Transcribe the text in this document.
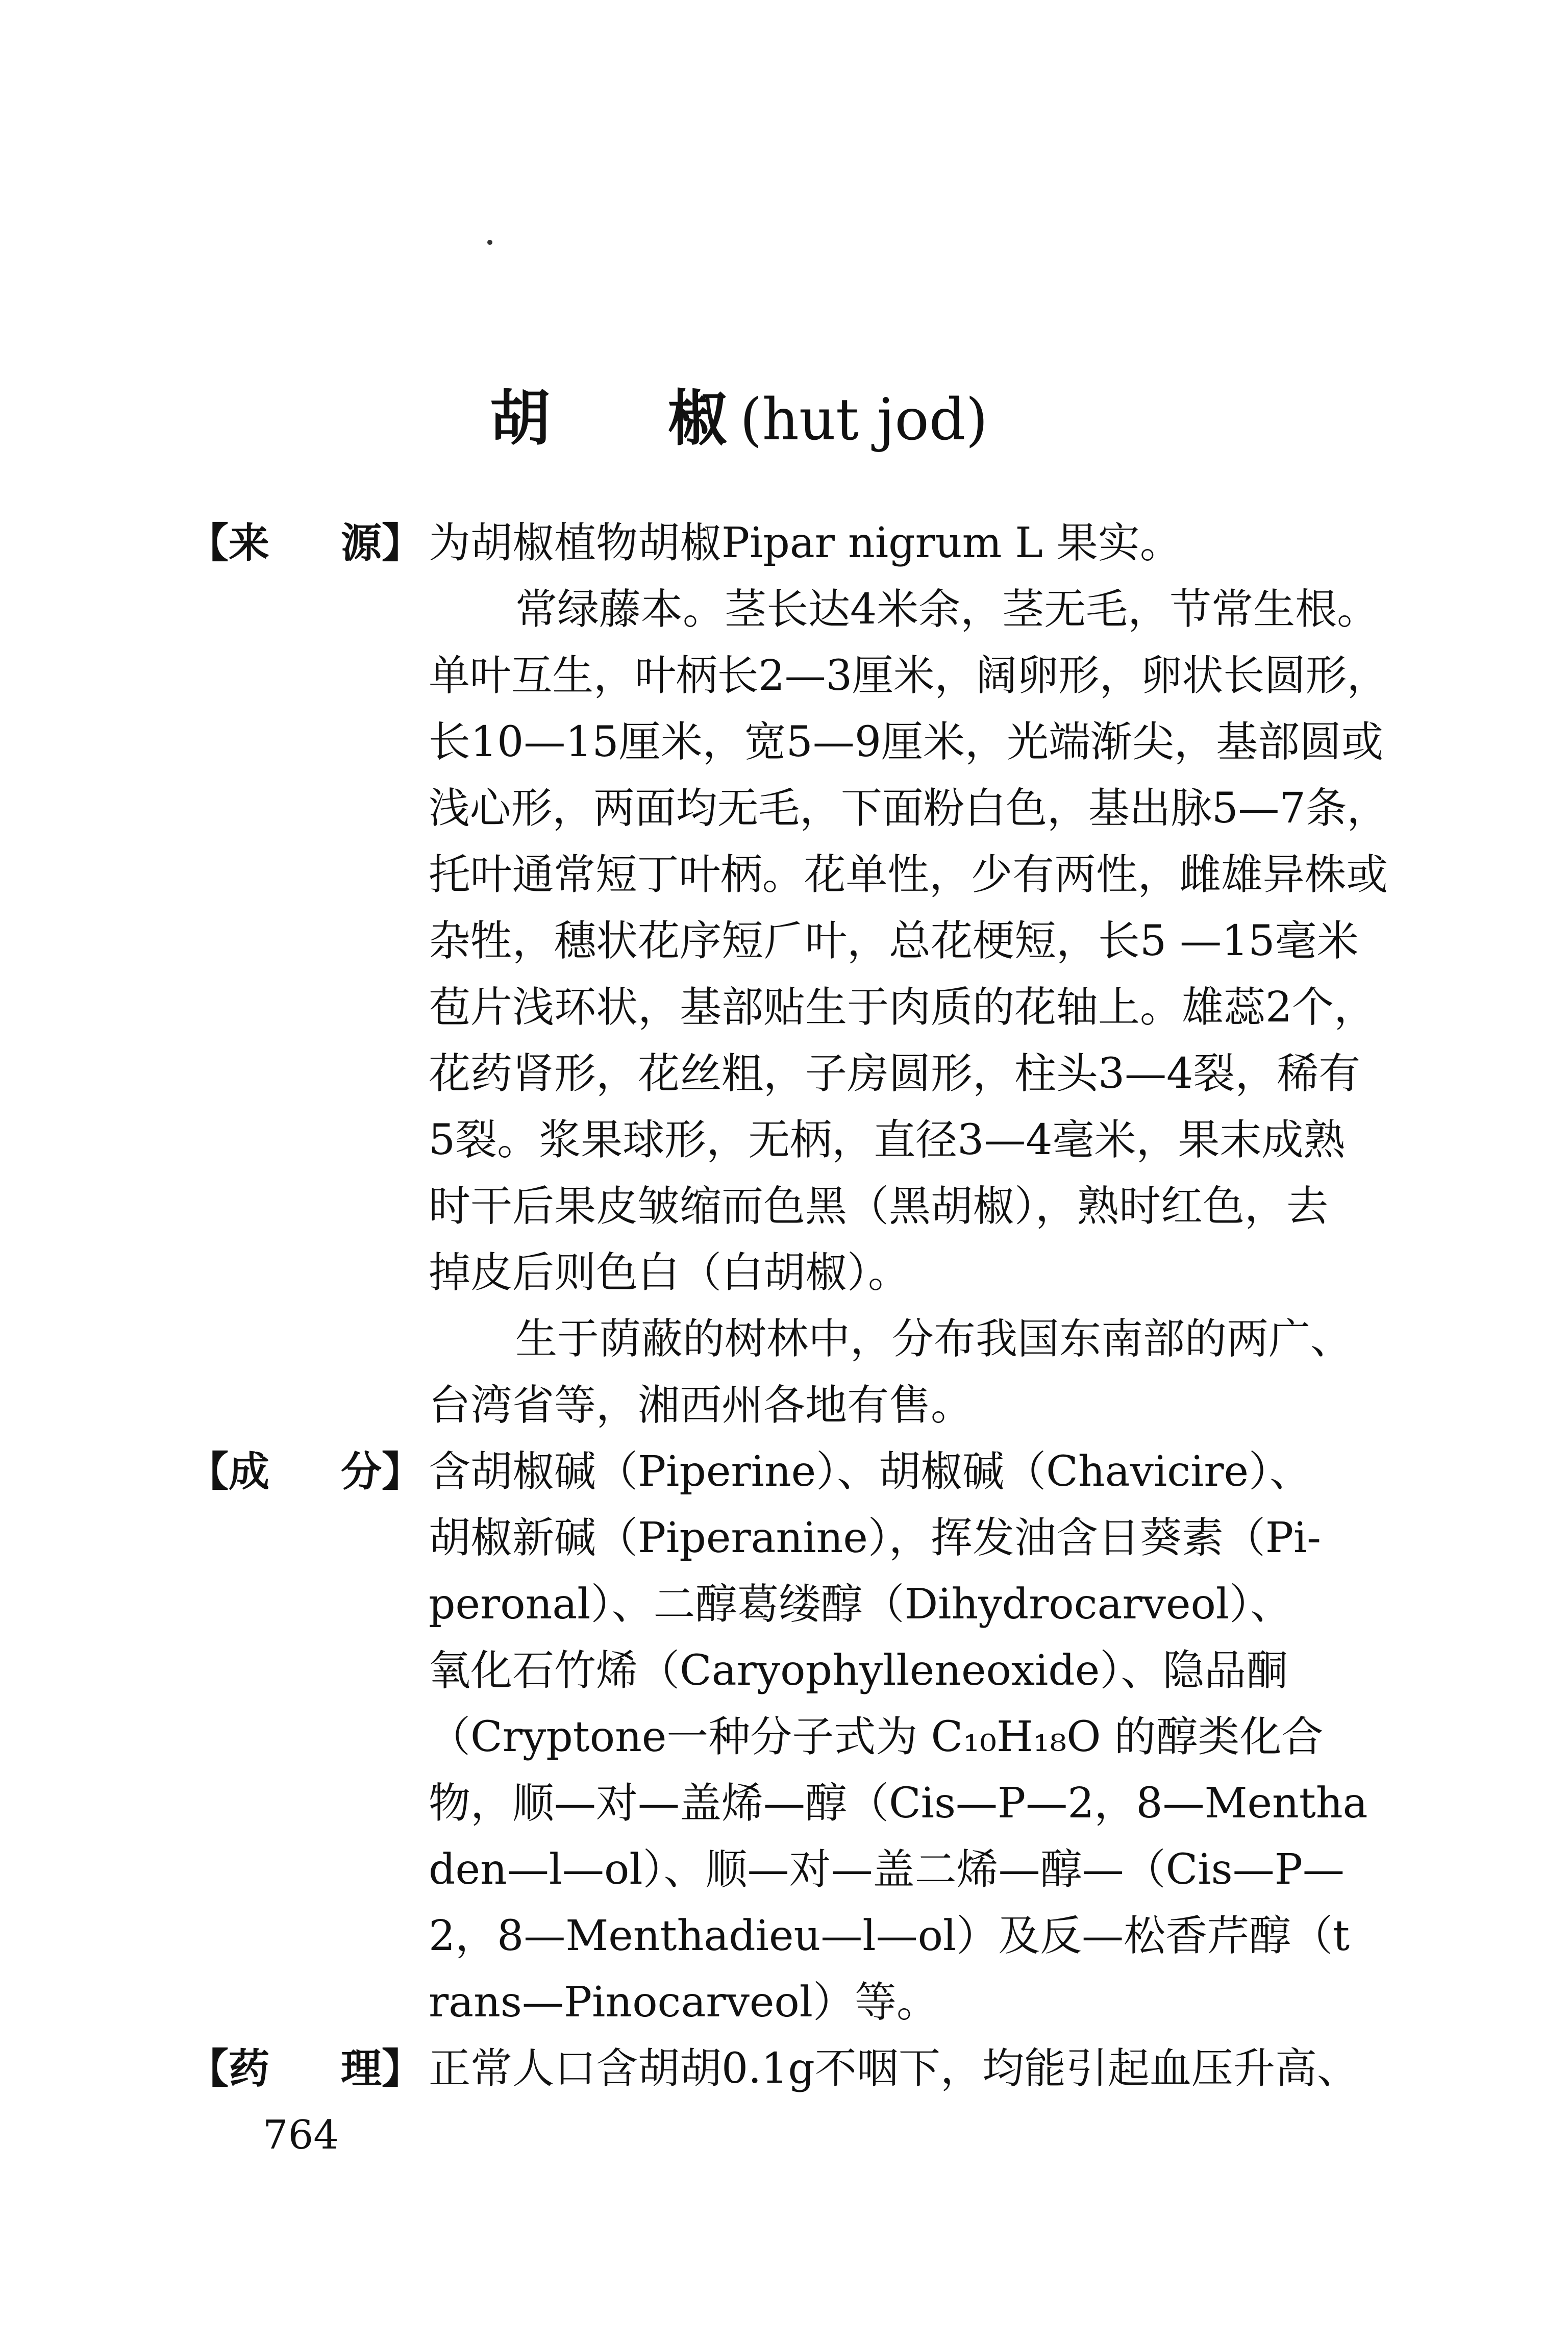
胡 椒 (hut jod)
【来 源】 为胡椒植物胡椒Pipar nigrum L 果实。
常绿藤本。茎长达4米余，茎无毛，节常生根。
单叶互生，叶柄长2—3厘米，阔卵形，卵状长圆形，
长10—15厘米，宽5—9厘米，光端渐尖，基部圆或
浅心形，两面均无毛，下面粉白色，基出脉5—7条，
托叶通常短丁叶柄。花单性，少有两性，雌雄异株或
杂牲，穗状花序短𠂆叶，总花梗短，长5 —15毫米
苞片浅环状，基部贴生于肉质的花轴上。雄蕊2个，
花药肾形，花丝粗，子房圆形，柱头3—4裂，稀有
5裂。浆果球形，无柄，直径3—4毫米，果末成熟
时干后果皮皱缩而色黑（黑胡椒），熟时红色，去
掉皮后则色白（白胡椒）。
生于荫蔽的树林中，分布我国东南部的两广、
台湾省等，湘西州各地有售。
【成 分】 含胡椒碱（Piperine）、胡椒碱（Chavicire）、
胡椒新碱（Piperanine），挥发油含日葵素（Pi-
peronal）、二醇葛缕醇（Dihydrocarveol）、
氧化石竹烯（Caryophylleneoxide）、隐品酮
（Cryptone一种分子式为 C₁₀H₁₈O 的醇类化合
物，顺—对—盖烯—醇（Cis—P—2，8—Mentha
den—l—ol）、顺—对—盖二烯—醇—（Cis—P—
2，8—Menthadieu—l—ol）及反—松香芹醇（t
rans—Pinocarveol）等。
【药 理】 正常人口含胡胡0.1g不咽下，均能引起血压升高、
764
